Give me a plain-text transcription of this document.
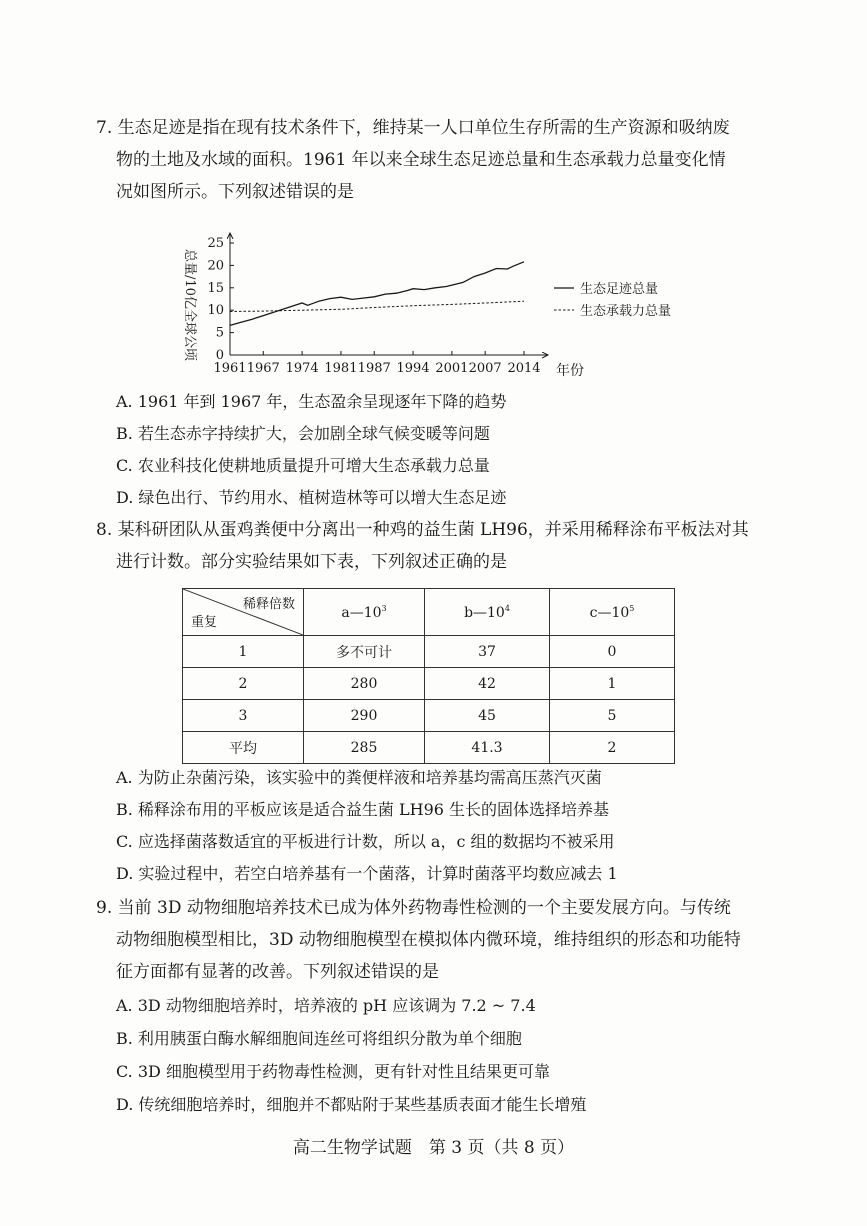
7. 生态足迹是指在现有技术条件下，维持某一人口单位生存所需的生产资源和吸纳废
物的土地及水域的面积。1961 年以来全球生态足迹总量和生态承载力总量变化情
况如图所示。下列叙述错误的是
0
5
10
15
20
25
1961 1967 1974 1981 1987 1994 2001 2007 2014
生态足迹总量
生态承载力总量
总量/10亿全球公顷
年份
A. 1961 年到 1967 年，生态盈余呈现逐年下降的趋势
B. 若生态赤字持续扩大，会加剧全球气候变暖等问题
C. 农业科技化使耕地质量提升可增大生态承载力总量
D. 绿色出行、节约用水、植树造林等可以增大生态足迹
8. 某科研团队从蛋鸡粪便中分离出一种鸡的益生菌 LH96，并采用稀释涂布平板法对其
进行计数。部分实验结果如下表，下列叙述正确的是
稀释倍数
重复	$a—10^3$	$b—10^4$	$c—10^5$
1	多不可计	37	0
2	280	42	1
3	290	45	5
平均	285	41.3	2
A. 为防止杂菌污染，该实验中的粪便样液和培养基均需高压蒸汽灭菌
B. 稀释涂布用的平板应该是适合益生菌 LH96 生长的固体选择培养基
C. 应选择菌落数适宜的平板进行计数，所以 a，c 组的数据均不被采用
D. 实验过程中，若空白培养基有一个菌落，计算时菌落平均数应减去 1
9. 当前 3D 动物细胞培养技术已成为体外药物毒性检测的一个主要发展方向。与传统
动物细胞模型相比，3D 动物细胞模型在模拟体内微环境，维持组织的形态和功能特
征方面都有显著的改善。下列叙述错误的是
A. 3D 动物细胞培养时，培养液的 pH 应该调为 7.2 ~ 7.4
B. 利用胰蛋白酶水解细胞间连丝可将组织分散为单个细胞
C. 3D 细胞模型用于药物毒性检测，更有针对性且结果更可靠
D. 传统细胞培养时，细胞并不都贴附于某些基质表面才能生长增殖
高二生物学试题　第 3 页（共 8 页）
